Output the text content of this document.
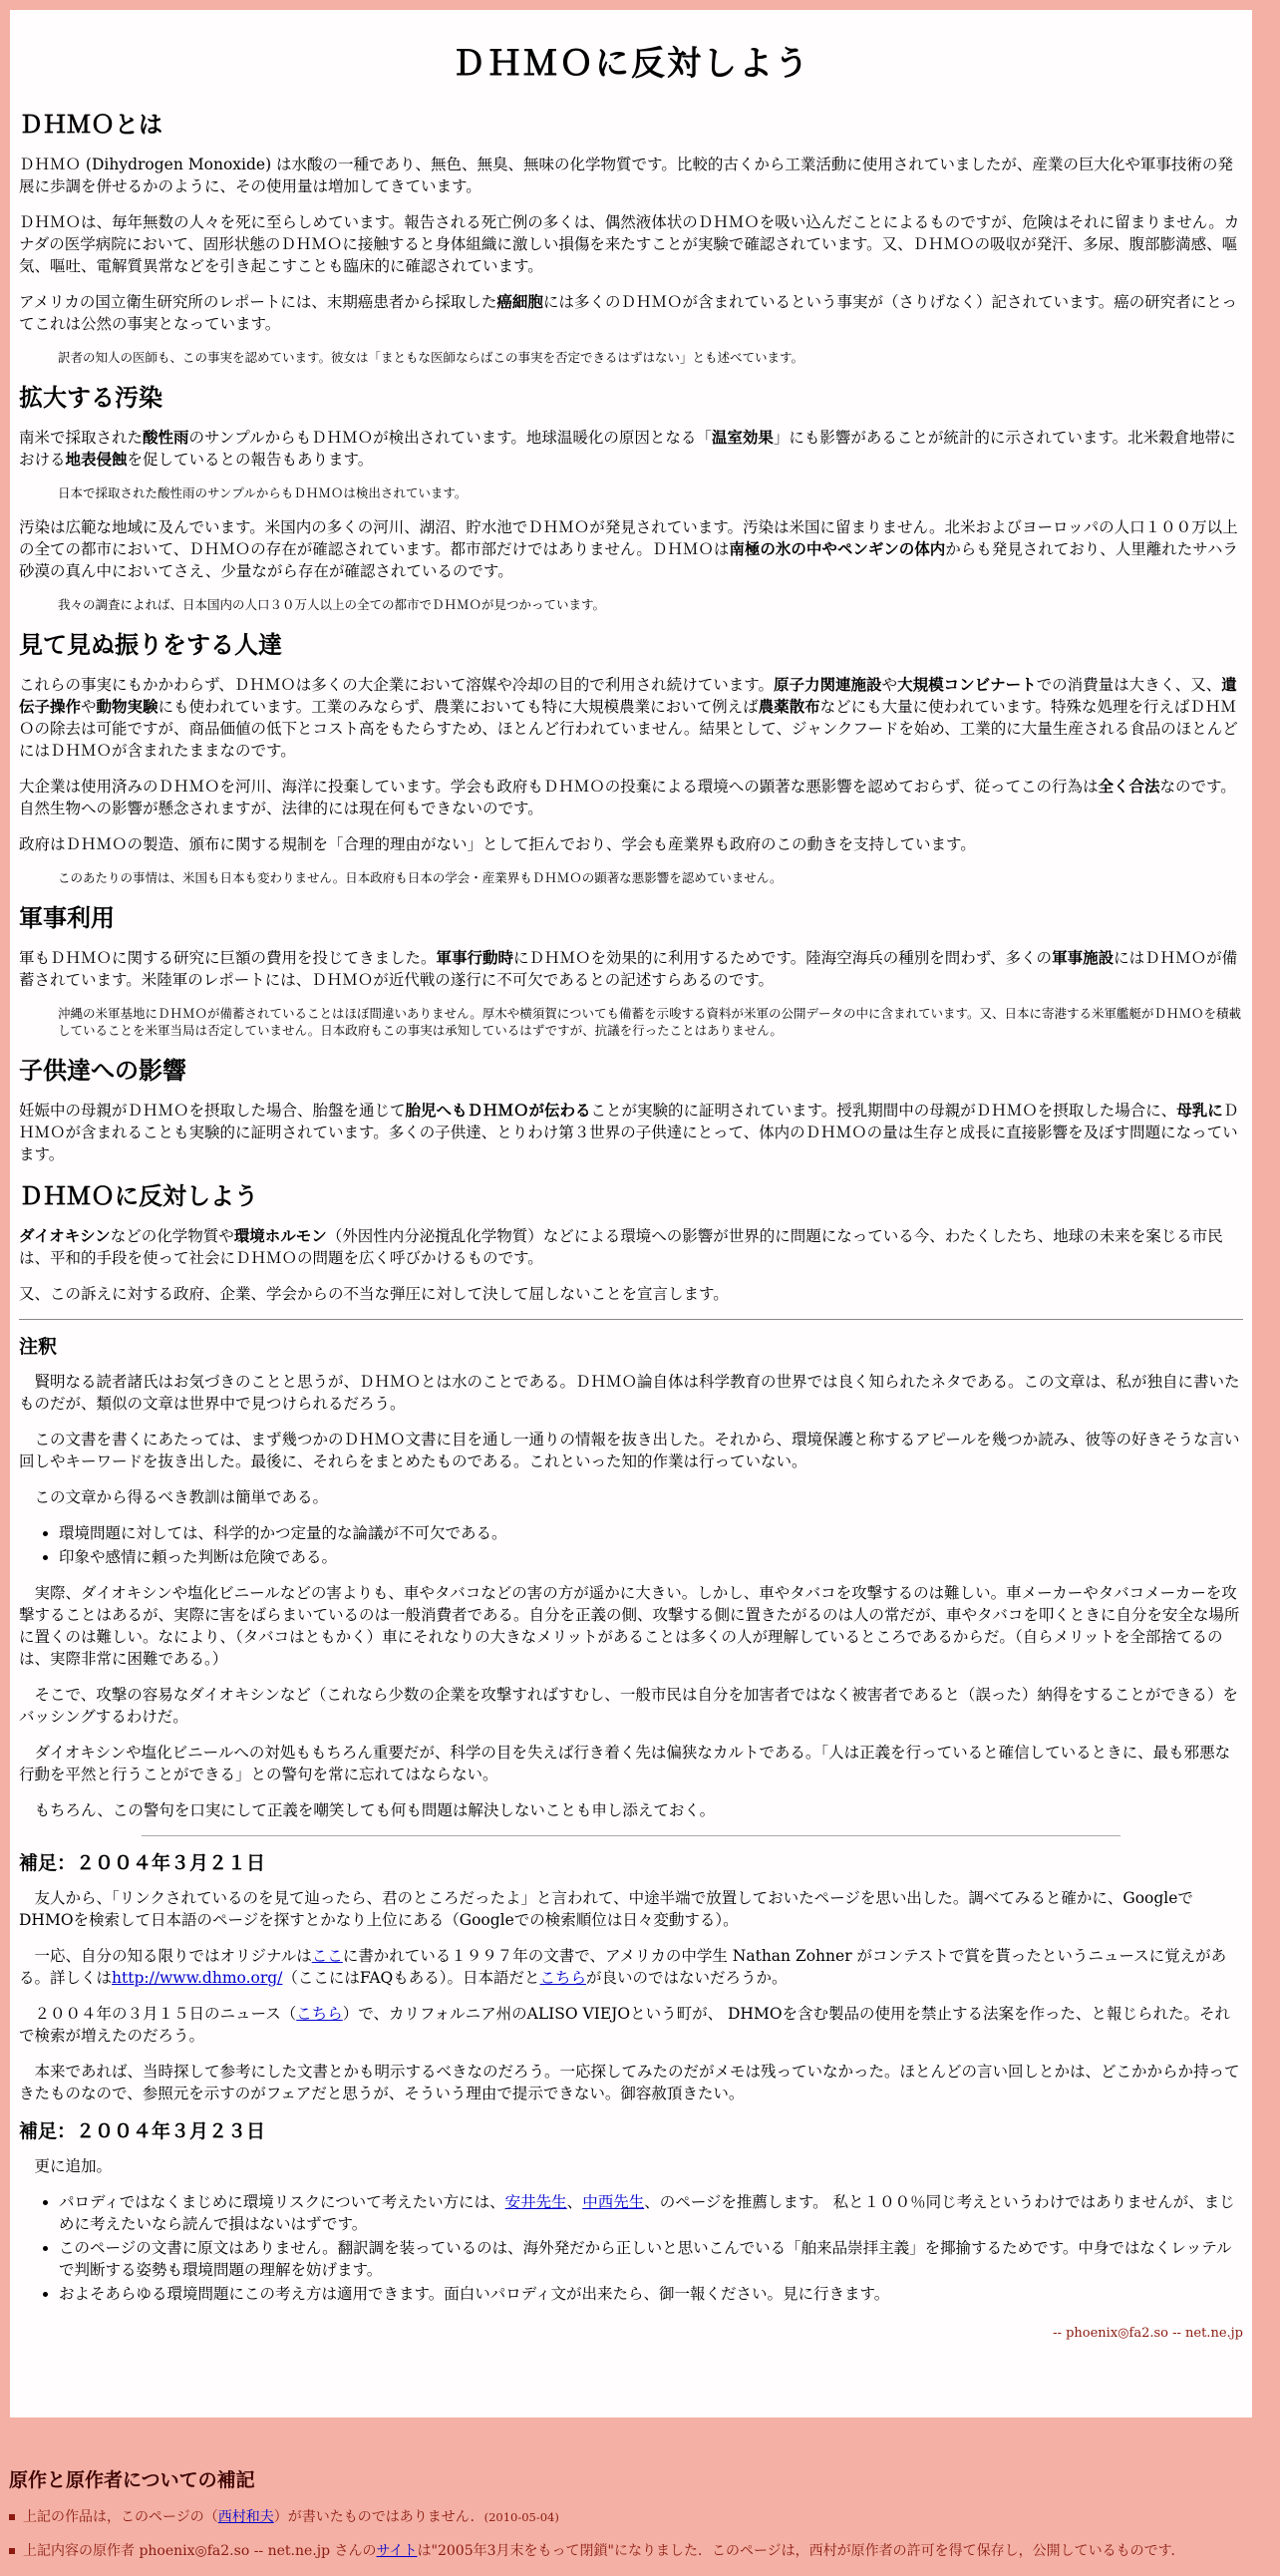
ＤＨＭＯに反対しよう
ＤＨＭＯとは

ＤＨＭＯ (Dihydrogen Monoxide) は水酸の一種であり、無色、無臭、無味の化学物質です。比較的古くから工業活動に使用されていましたが、産業の巨大化や軍事技術の発展に歩調を併せるかのように、その使用量は増加してきています。

ＤＨＭＯは、毎年無数の人々を死に至らしめています。報告される死亡例の多くは、偶然液体状のＤＨＭＯを吸い込んだことによるものですが、危険はそれに留まりません。カナダの医学病院において、固形状態のＤＨＭＯに接触すると身体組織に激しい損傷を来たすことが実験で確認されています。又、ＤＨＭＯの吸収が発汗、多尿、腹部膨満感、嘔気、嘔吐、電解質異常などを引き起こすことも臨床的に確認されています。

アメリカの国立衛生研究所のレポートには、末期癌患者から採取した癌細胞には多くのＤＨＭＯが含まれているという事実が（さりげなく）記されています。癌の研究者にとってこれは公然の事実となっています。

訳者の知人の医師も、この事実を認めています。彼女は「まともな医師ならばこの事実を否定できるはずはない」とも述べています。

拡大する汚染

南米で採取された酸性雨のサンプルからもＤＨＭＯが検出されています。地球温暖化の原因となる「温室効果」にも影響があることが統計的に示されています。北米穀倉地帯における地表侵蝕を促しているとの報告もあります。

日本で採取された酸性雨のサンプルからもＤＨＭＯは検出されています。

汚染は広範な地域に及んでいます。米国内の多くの河川、湖沼、貯水池でＤＨＭＯが発見されています。汚染は米国に留まりません。北米およびヨーロッパの人口１００万以上の全ての都市において、ＤＨＭＯの存在が確認されています。都市部だけではありません。ＤＨＭＯは南極の氷の中やペンギンの体内からも発見されており、人里離れたサハラ砂漠の真ん中においてさえ、少量ながら存在が確認されているのです。

我々の調査によれば、日本国内の人口３０万人以上の全ての都市でＤＨＭＯが見つかっています。

見て見ぬ振りをする人達

これらの事実にもかかわらず、ＤＨＭＯは多くの大企業において溶媒や冷却の目的で利用され続けています。原子力関連施設や大規模コンビナートでの消費量は大きく、又、遺伝子操作や動物実験にも使われています。工業のみならず、農業においても特に大規模農業において例えば農薬散布などにも大量に使われています。特殊な処理を行えばＤＨＭＯの除去は可能ですが、商品価値の低下とコスト高をもたらすため、ほとんど行われていません。結果として、ジャンクフードを始め、工業的に大量生産される食品のほとんどにはＤＨＭＯが含まれたままなのです。

大企業は使用済みのＤＨＭＯを河川、海洋に投棄しています。学会も政府もＤＨＭＯの投棄による環境への顕著な悪影響を認めておらず、従ってこの行為は全く合法なのです。自然生物への影響が懸念されますが、法律的には現在何もできないのです。

政府はＤＨＭＯの製造、頒布に関する規制を「合理的理由がない」として拒んでおり、学会も産業界も政府のこの動きを支持しています。

このあたりの事情は、米国も日本も変わりません。日本政府も日本の学会・産業界もＤＨＭＯの顕著な悪影響を認めていません。

軍事利用

軍もＤＨＭＯに関する研究に巨額の費用を投じてきました。軍事行動時にＤＨＭＯを効果的に利用するためです。陸海空海兵の種別を問わず、多くの軍事施設にはＤＨＭＯが備蓄されています。米陸軍のレポートには、ＤＨＭＯが近代戦の遂行に不可欠であるとの記述すらあるのです。

沖縄の米軍基地にＤＨＭＯが備蓄されていることはほぼ間違いありません。厚木や横須賀についても備蓄を示唆する資料が米軍の公開データの中に含まれています。又、日本に寄港する米軍艦艇がＤＨＭＯを積載していることを米軍当局は否定していません。日本政府もこの事実は承知しているはずですが、抗議を行ったことはありません。

子供達への影響

妊娠中の母親がＤＨＭＯを摂取した場合、胎盤を通じて胎児へもＤＨＭＯが伝わることが実験的に証明されています。授乳期間中の母親がＤＨＭＯを摂取した場合に、母乳にＤＨＭＯが含まれることも実験的に証明されています。多くの子供達、とりわけ第３世界の子供達にとって、体内のＤＨＭＯの量は生存と成長に直接影響を及ぼす問題になっています。

ＤＨＭＯに反対しよう

ダイオキシンなどの化学物質や環境ホルモン（外因性内分泌撹乱化学物質）などによる環境への影響が世界的に問題になっている今、わたくしたち、地球の未来を案じる市民は、平和的手段を使って社会にＤＨＭＯの問題を広く呼びかけるものです。

又、この訴えに対する政府、企業、学会からの不当な弾圧に対して決して屈しないことを宣言します。

注釈

賢明なる読者諸氏はお気づきのことと思うが、ＤＨＭＯとは水のことである。ＤＨＭＯ論自体は科学教育の世界では良く知られたネタである。この文章は、私が独自に書いたものだが、類似の文章は世界中で見つけられるだろう。

この文書を書くにあたっては、まず幾つかのＤＨＭＯ文書に目を通し一通りの情報を抜き出した。それから、環境保護と称するアピールを幾つか読み、彼等の好きそうな言い回しやキーワードを抜き出した。最後に、それらをまとめたものである。これといった知的作業は行っていない。

この文章から得るべき教訓は簡単である。

• 環境問題に対しては、科学的かつ定量的な論議が不可欠である。
• 印象や感情に頼った判断は危険である。

実際、ダイオキシンや塩化ビニールなどの害よりも、車やタバコなどの害の方が遥かに大きい。しかし、車やタバコを攻撃するのは難しい。車メーカーやタバコメーカーを攻撃することはあるが、実際に害をばらまいているのは一般消費者である。自分を正義の側、攻撃する側に置きたがるのは人の常だが、車やタバコを叩くときに自分を安全な場所に置くのは難しい。なにより、（タバコはともかく）車にそれなりの大きなメリットがあることは多くの人が理解しているところであるからだ。（自らメリットを全部捨てるのは、実際非常に困難である。）

そこで、攻撃の容易なダイオキシンなど（これなら少数の企業を攻撃すればすむし、一般市民は自分を加害者ではなく被害者であると（誤った）納得をすることができる）をバッシングするわけだ。

ダイオキシンや塩化ビニールへの対処ももちろん重要だが、科学の目を失えば行き着く先は偏狭なカルトである。「人は正義を行っていると確信しているときに、最も邪悪な行動を平然と行うことができる」との警句を常に忘れてはならない。

もちろん、この警句を口実にして正義を嘲笑しても何も問題は解決しないことも申し添えておく。

補足：２００４年３月２１日

友人から、「リンクされているのを見て辿ったら、君のところだったよ」と言われて、中途半端で放置しておいたページを思い出した。調べてみると確かに、Googleで DHMOを検索して日本語のページを探すとかなり上位にある（Googleでの検索順位は日々変動する）。

一応、自分の知る限りではオリジナルはここに書かれている１９９７年の文書で、アメリカの中学生 Nathan Zohner がコンテストで賞を貰ったというニュースに覚えがある。詳しくはhttp://www.dhmo.org/（ここにはFAQもある）。日本語だとこちらが良いのではないだろうか。

２００４年の３月１５日のニュース（こちら）で、カリフォルニア州のALISO VIEJOという町が、 DHMOを含む製品の使用を禁止する法案を作った、と報じられた。それで検索が増えたのだろう。

本来であれば、当時探して参考にした文書とかも明示するべきなのだろう。一応探してみたのだがメモは残っていなかった。ほとんどの言い回しとかは、どこかからか持ってきたものなので、参照元を示すのがフェアだと思うが、そういう理由で提示できない。御容赦頂きたい。

補足：２００４年３月２３日

更に追加。

• パロディではなくまじめに環境リスクについて考えたい方には、安井先生、中西先生、のページを推薦します。 私と１００％同じ考えというわけではありませんが、まじめに考えたいなら読んで損はないはずです。
• このページの文書に原文はありません。翻訳調を装っているのは、海外発だから正しいと思いこんでいる「舶来品崇拝主義」を揶揄するためです。中身ではなくレッテルで判断する姿勢も環境問題の理解を妨げます。
• およそあらゆる環境問題にこの考え方は適用できます。面白いパロディ文が出来たら、御一報ください。見に行きます。
-- phoenix◎fa2.so -- net.ne.jp
原作と原作者についての補記
上記の作品は，このページの（西村和夫）が書いたものではありません．(2010-05-04)
上記内容の原作者 phoenix◎fa2.so -- net.ne.jp さんのサイトは"2005年3月末をもって閉鎖"になりました．このページは，西村が原作者の許可を得て保存し，公開しているものです．
